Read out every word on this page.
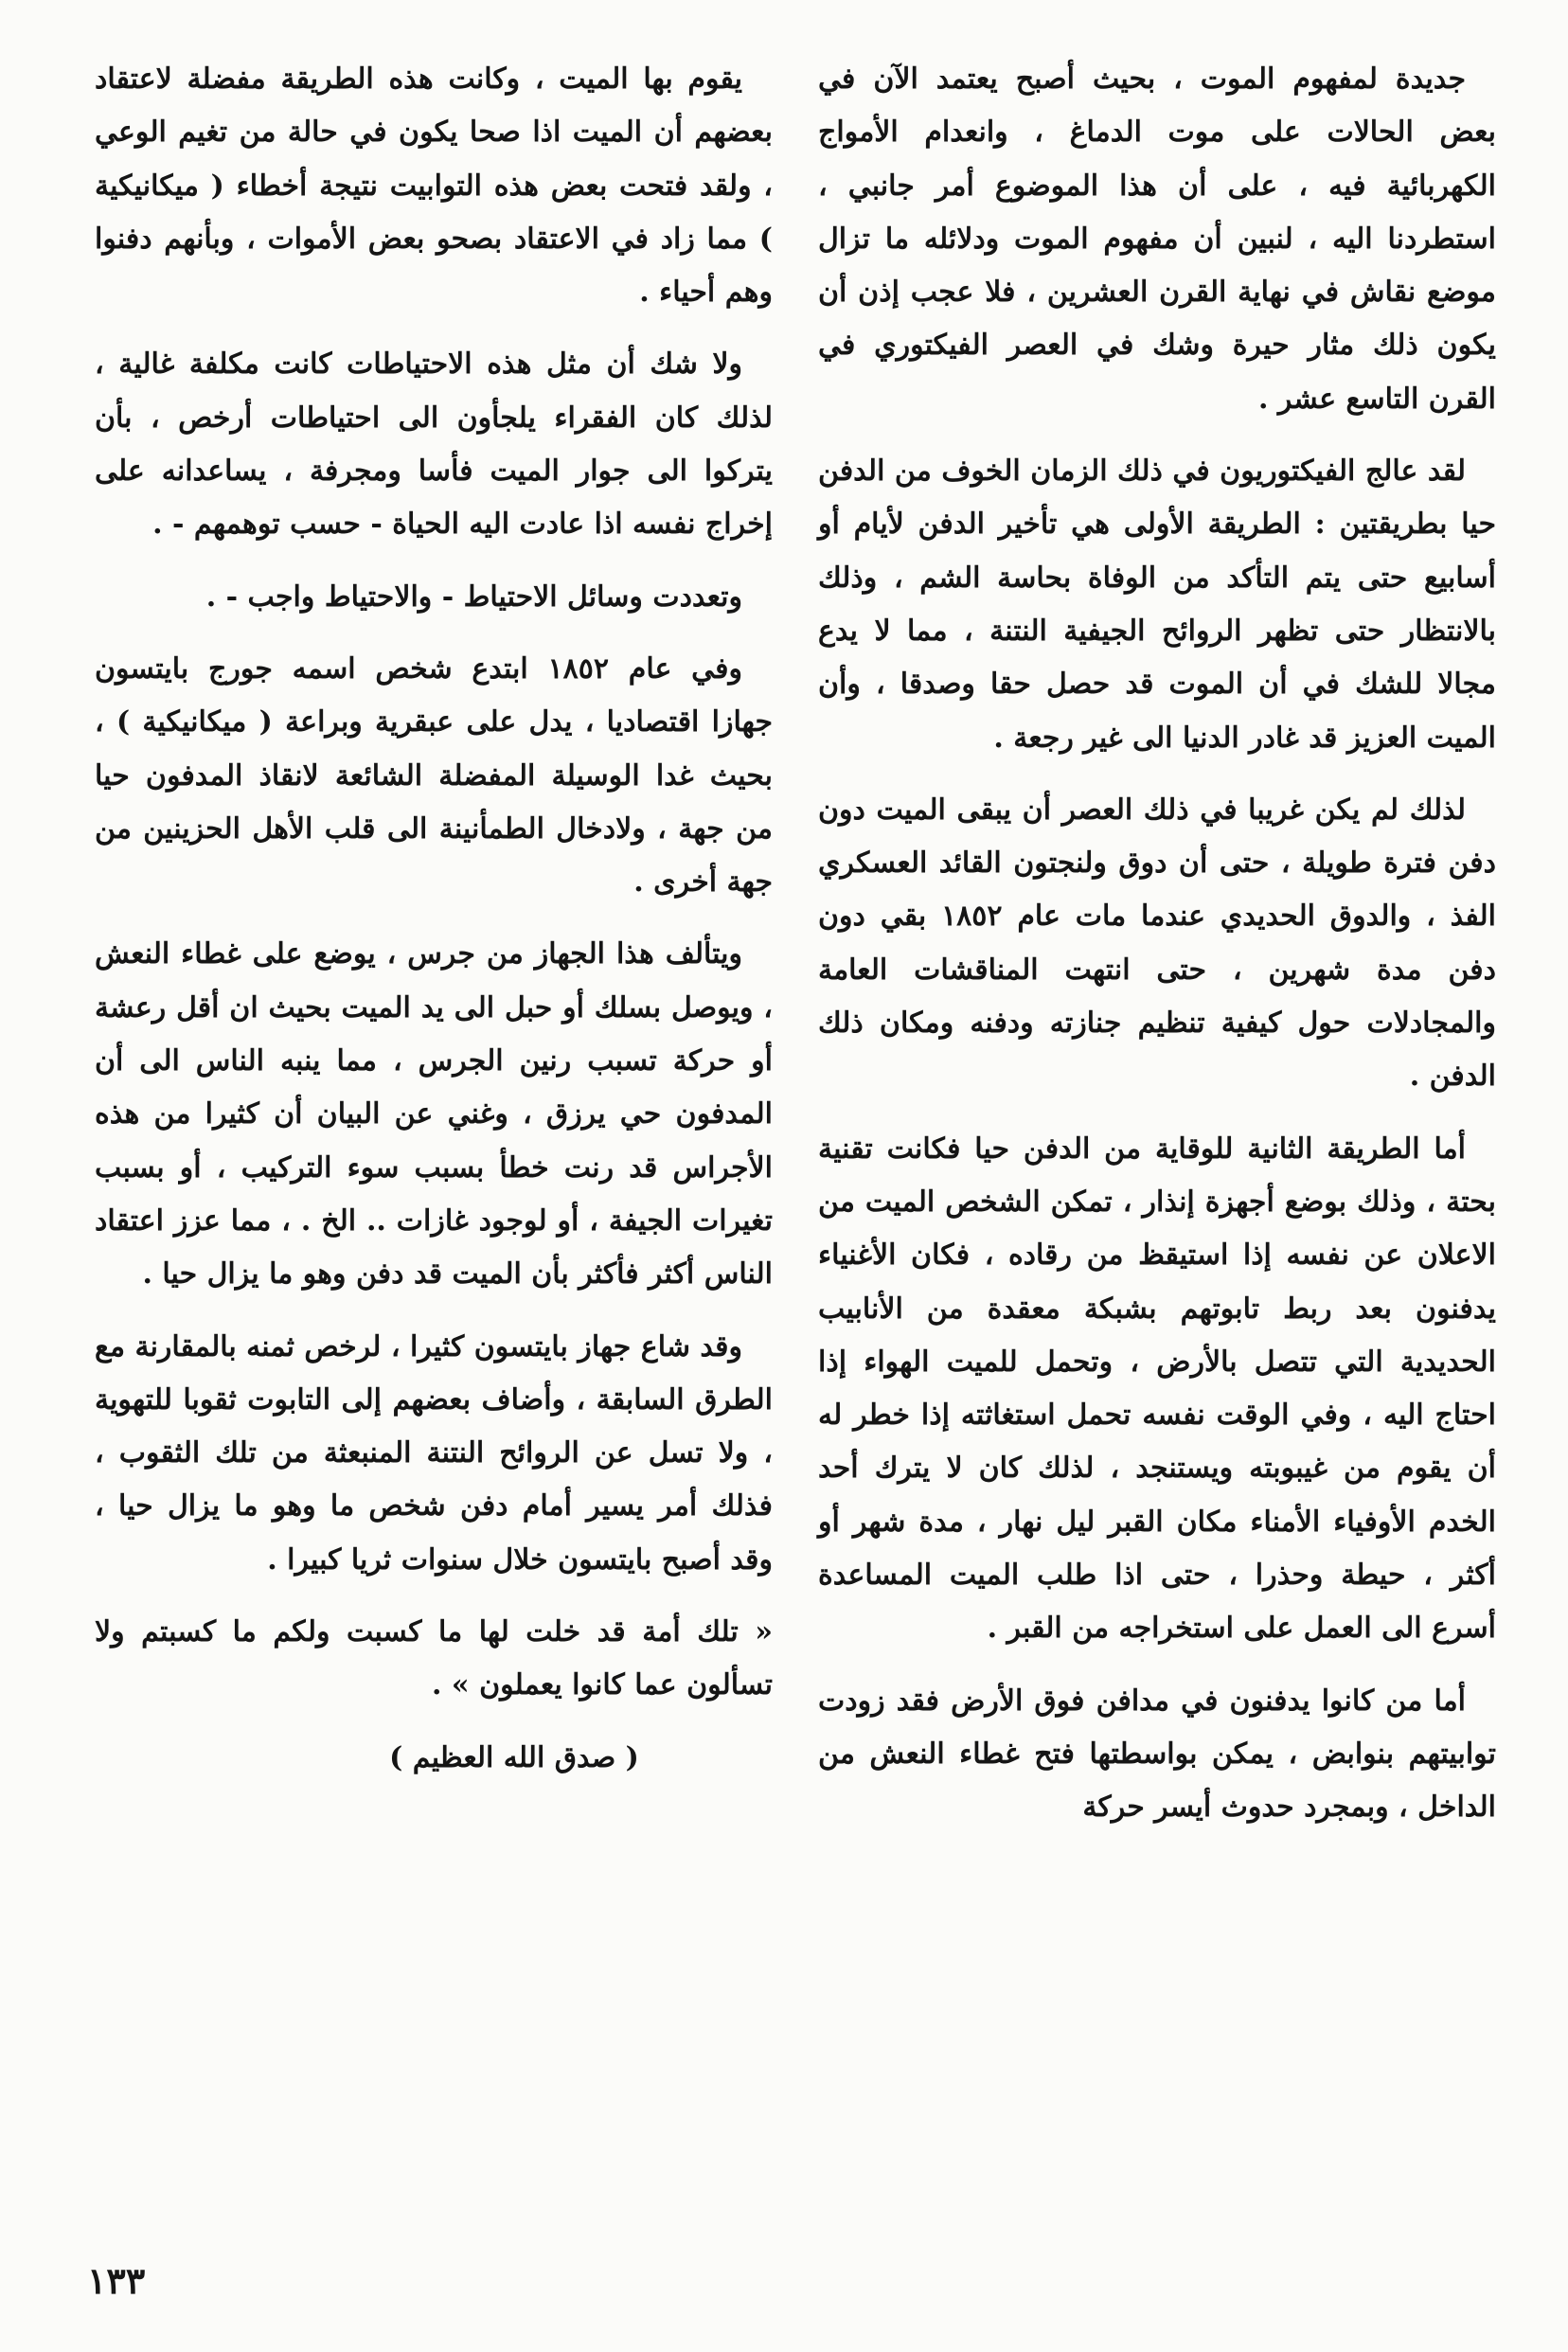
جديدة لمفهوم الموت ، بحيث أصبح يعتمد الآن في بعض الحالات على موت الدماغ ، وانعدام الأمواج الكهربائية فيه ، على أن هذا الموضوع أمر جانبي ، استطردنا اليه ، لنبين أن مفهوم الموت ودلائله ما تزال موضع نقاش في نهاية القرن العشرين ، فلا عجب إذن أن يكون ذلك مثار حيرة وشك في العصر الفيكتوري في القرن التاسع عشر .

لقد عالج الفيكتوريون في ذلك الزمان الخوف من الدفن حيا بطريقتين : الطريقة الأولى هي تأخير الدفن لأيام أو أسابيع حتى يتم التأكد من الوفاة بحاسة الشم ، وذلك بالانتظار حتى تظهر الروائح الجيفية النتنة ، مما لا يدع مجالا للشك في أن الموت قد حصل حقا وصدقا ، وأن الميت العزيز قد غادر الدنيا الى غير رجعة .

لذلك لم يكن غريبا في ذلك العصر أن يبقى الميت دون دفن فترة طويلة ، حتى أن دوق ولنجتون القائد العسكري الفذ ، والدوق الحديدي عندما مات عام ١٨٥٢ بقي دون دفن مدة شهرين ، حتى انتهت المناقشات العامة والمجادلات حول كيفية تنظيم جنازته ودفنه ومكان ذلك الدفن .

أما الطريقة الثانية للوقاية من الدفن حيا فكانت تقنية بحتة ، وذلك بوضع أجهزة إنذار ، تمكن الشخص الميت من الاعلان عن نفسه إذا استيقظ من رقاده ، فكان الأغنياء يدفنون بعد ربط تابوتهم بشبكة معقدة من الأنابيب الحديدية التي تتصل بالأرض ، وتحمل للميت الهواء إذا احتاج اليه ، وفي الوقت نفسه تحمل استغاثته إذا خطر له أن يقوم من غيبوبته ويستنجد ، لذلك كان لا يترك أحد الخدم الأوفياء الأمناء مكان القبر ليل نهار ، مدة شهر أو أكثر ، حيطة وحذرا ، حتى اذا طلب الميت المساعدة أسرع الى العمل على استخراجه من القبر .

أما من كانوا يدفنون في مدافن فوق الأرض فقد زودت توابيتهم بنوابض ، يمكن بواسطتها فتح غطاء النعش من الداخل ، وبمجرد حدوث أيسر حركة

يقوم بها الميت ، وكانت هذه الطريقة مفضلة لاعتقاد بعضهم أن الميت اذا صحا يكون في حالة من تغيم الوعي ، ولقد فتحت بعض هذه التوابيت نتيجة أخطاء ( ميكانيكية ) مما زاد في الاعتقاد بصحو بعض الأموات ، وبأنهم دفنوا وهم أحياء .

ولا شك أن مثل هذه الاحتياطات كانت مكلفة غالية ، لذلك كان الفقراء يلجأون الى احتياطات أرخص ، بأن يتركوا الى جوار الميت فأسا ومجرفة ، يساعدانه على إخراج نفسه اذا عادت اليه الحياة - حسب توهمهم - .

وتعددت وسائل الاحتياط - والاحتياط واجب - .

وفي عام ١٨٥٢ ابتدع شخص اسمه جورج بايتسون جهازا اقتصاديا ، يدل على عبقرية وبراعة ( ميكانيكية ) ، بحيث غدا الوسيلة المفضلة الشائعة لانقاذ المدفون حيا من جهة ، ولادخال الطمأنينة الى قلب الأهل الحزينين من جهة أخرى .

ويتألف هذا الجهاز من جرس ، يوضع على غطاء النعش ، ويوصل بسلك أو حبل الى يد الميت بحيث ان أقل رعشة أو حركة تسبب رنين الجرس ، مما ينبه الناس الى أن المدفون حي يرزق ، وغني عن البيان أن كثيرا من هذه الأجراس قد رنت خطأ بسبب سوء التركيب ، أو بسبب تغيرات الجيفة ، أو لوجود غازات .. الخ . ، مما عزز اعتقاد الناس أكثر فأكثر بأن الميت قد دفن وهو ما يزال حيا .

وقد شاع جهاز بايتسون كثيرا ، لرخص ثمنه بالمقارنة مع الطرق السابقة ، وأضاف بعضهم إلى التابوت ثقوبا للتهوية ، ولا تسل عن الروائح النتنة المنبعثة من تلك الثقوب ، فذلك أمر يسير أمام دفن شخص ما وهو ما يزال حيا ، وقد أصبح بايتسون خلال سنوات ثريا كبيرا .

« تلك أمة قد خلت لها ما كسبت ولكم ما كسبتم ولا تسألون عما كانوا يعملون » .

( صدق الله العظيم )

١٣٣
